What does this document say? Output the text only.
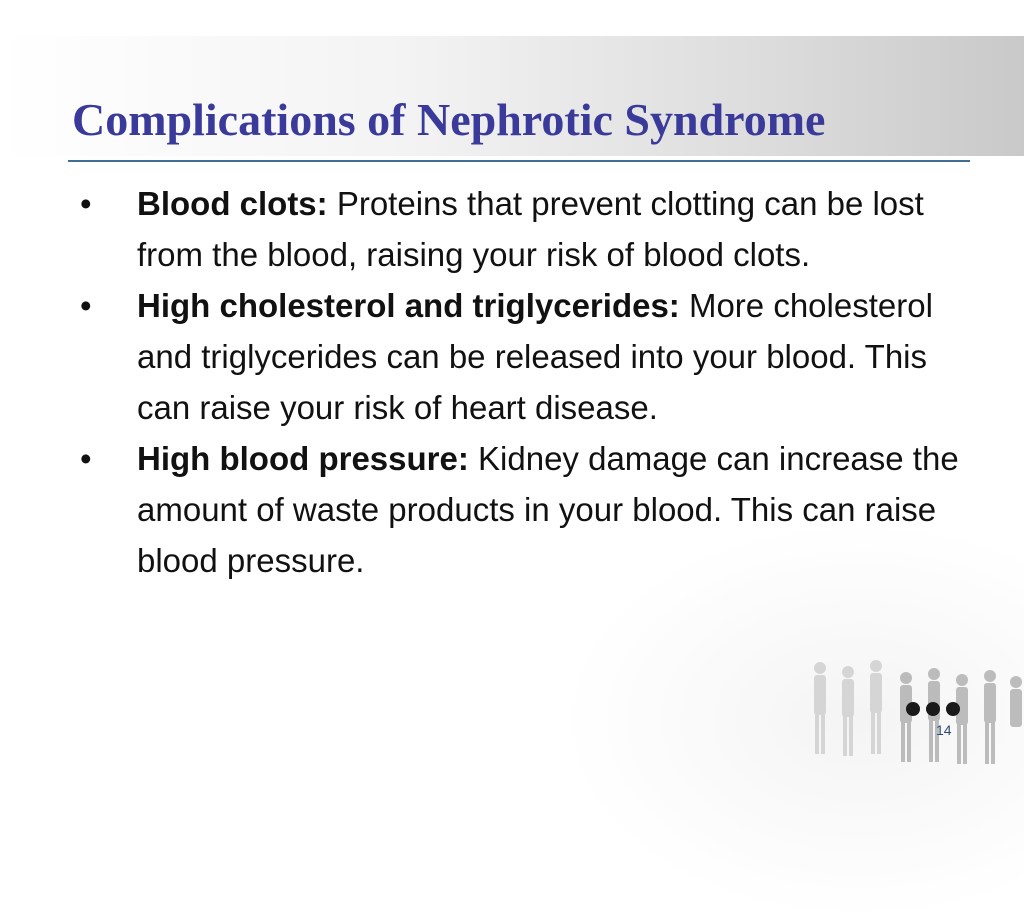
Complications of Nephrotic Syndrome
• Blood clots: Proteins that prevent clotting can be lost from the blood, raising your risk of blood clots.
• High cholesterol and triglycerides: More cholesterol and triglycerides can be released into your blood. This can raise your risk of heart disease.
• High blood pressure: Kidney damage can increase the amount of waste products in your blood. This can raise blood pressure.
14
